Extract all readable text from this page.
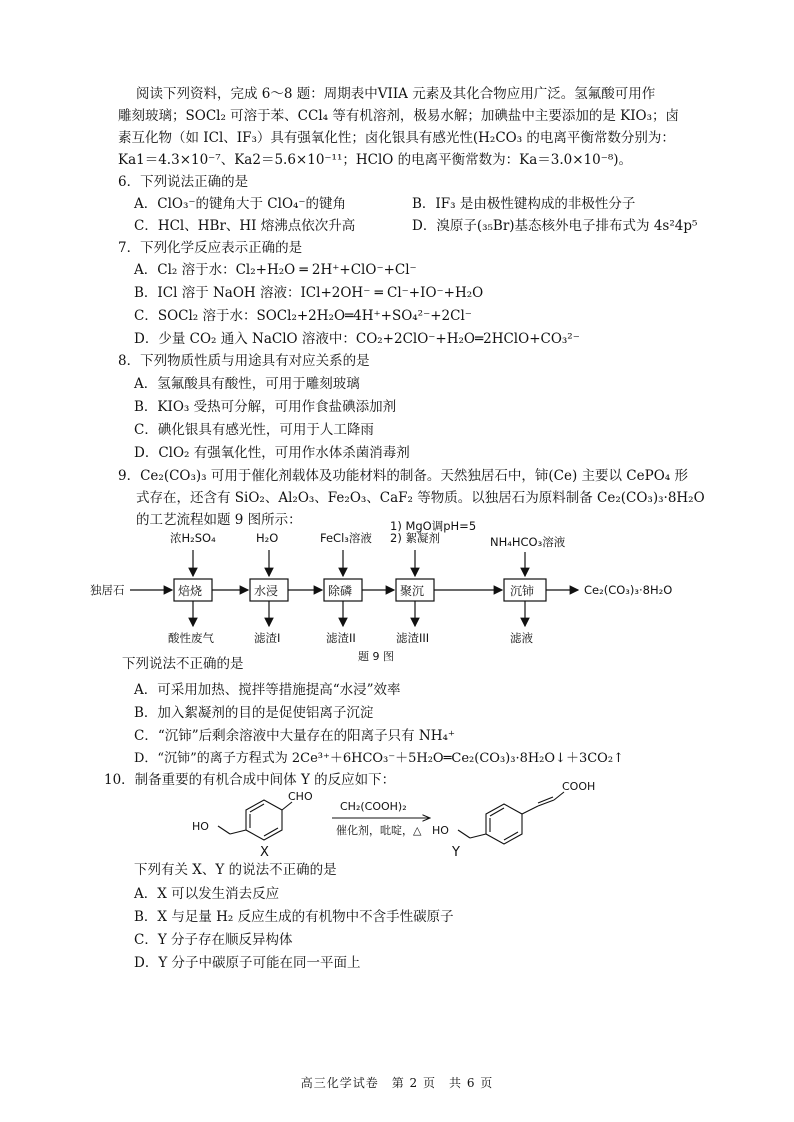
阅读下列资料，完成 6～8 题：周期表中VIIA 元素及其化合物应用广泛。氢氟酸可用作
雕刻玻璃；SOCl₂ 可溶于苯、CCl₄ 等有机溶剂，极易水解；加碘盐中主要添加的是 KIO₃；卤
素互化物（如 ICl、IF₃）具有强氧化性；卤化银具有感光性(H₂CO₃ 的电离平衡常数分别为：
Ka1＝4.3×10⁻⁷、Ka2＝5.6×10⁻¹¹；HClO 的电离平衡常数为：Ka＝3.0×10⁻⁸)。
6．下列说法正确的是
A．ClO₃⁻的键角大于 ClO₄⁻的键角	B．IF₃ 是由极性键构成的非极性分子
C．HCl、HBr、HI 熔沸点依次升高	D．溴原子(₃₅Br)基态核外电子排布式为 4s²4p⁵
7．下列化学反应表示正确的是
A．Cl₂ 溶于水：Cl₂+H₂O ═ 2H⁺+ClO⁻+Cl⁻
B．ICl 溶于 NaOH 溶液：ICl+2OH⁻ ═ Cl⁻+IO⁻+H₂O
C．SOCl₂ 溶于水：SOCl₂+2H₂O═4H⁺+SO₄²⁻+2Cl⁻
D．少量 CO₂ 通入 NaClO 溶液中：CO₂+2ClO⁻+H₂O═2HClO+CO₃²⁻
8．下列物质性质与用途具有对应关系的是
A．氢氟酸具有酸性，可用于雕刻玻璃
B．KIO₃ 受热可分解，可用作食盐碘添加剂
C．碘化银具有感光性，可用于人工降雨
D．ClO₂ 有强氧化性，可用作水体杀菌消毒剂
9．Ce₂(CO₃)₃ 可用于催化剂载体及功能材料的制备。天然独居石中，铈(Ce) 主要以 CePO₄ 形
式存在，还含有 SiO₂、Al₂O₃、Fe₂O₃、CaF₂ 等物质。以独居石为原料制备 Ce₂(CO₃)₃·8H₂O
的工艺流程如题 9 图所示：
独居石	焙烧	水浸	除磷	聚沉	沉铈
浓H₂SO₄	H₂O	FeCl₃溶液
1) MgO调pH=5
2) 絮凝剂	NH₄HCO₃溶液
酸性废气	滤渣I	滤渣II	滤渣III	滤液
Ce₂(CO₃)₃·8H₂O
题 9 图
下列说法不正确的是
A．可采用加热、搅拌等措施提高“水浸”效率
B．加入絮凝剂的目的是促使铝离子沉淀
C．“沉铈”后剩余溶液中大量存在的阳离子只有 NH₄⁺
D．“沉铈”的离子方程式为 2Ce³⁺＋6HCO₃⁻＋5H₂O═Ce₂(CO₃)₃·8H₂O↓＋3CO₂↑
10．制备重要的有机合成中间体 Y 的反应如下：
CHO
HO
X
CH₂(COOH)₂
催化剂，吡啶，△
COOH
HO
Y
下列有关 X、Y 的说法不正确的是
A．X 可以发生消去反应
B．X 与足量 H₂ 反应生成的有机物中不含手性碳原子
C．Y 分子存在顺反异构体
D．Y 分子中碳原子可能在同一平面上
高三化学试卷　第 2 页　共 6 页
